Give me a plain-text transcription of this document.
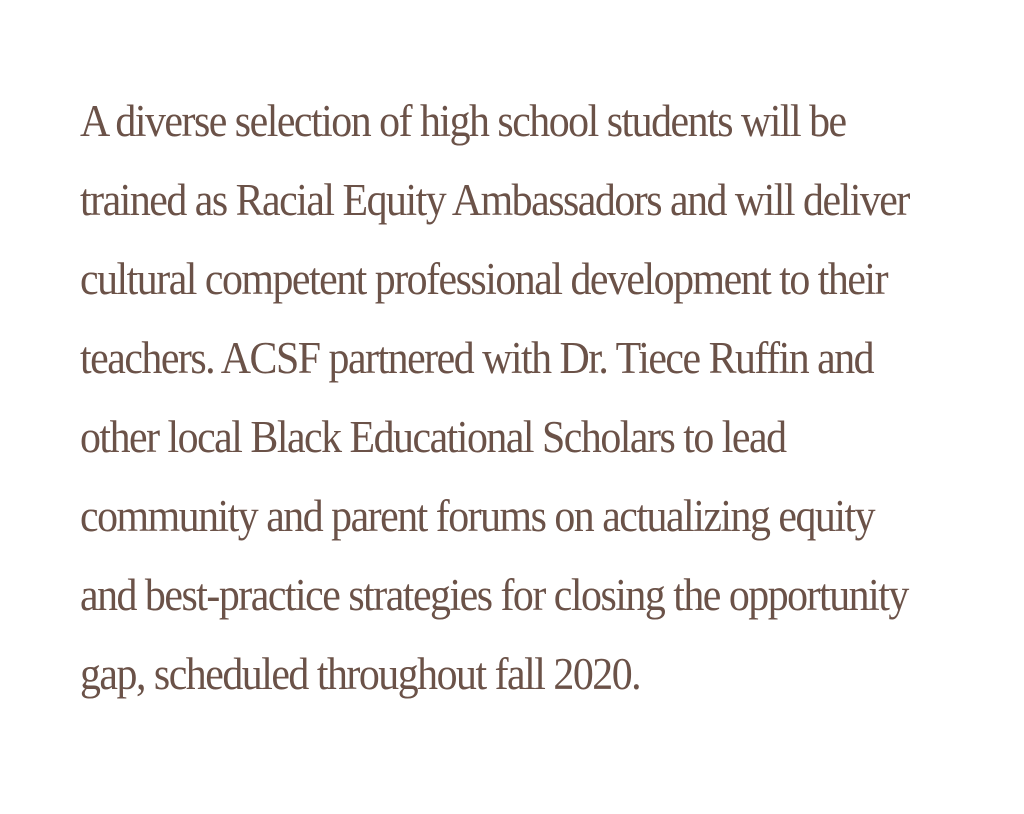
A diverse selection of high school students will be
trained as Racial Equity Ambassadors and will deliver
cultural competent professional development to their
teachers. ACSF partnered with Dr. Tiece Ruffin and
other local Black Educational Scholars to lead
community and parent forums on actualizing equity
and best-practice strategies for closing the opportunity
gap, scheduled throughout fall 2020.
